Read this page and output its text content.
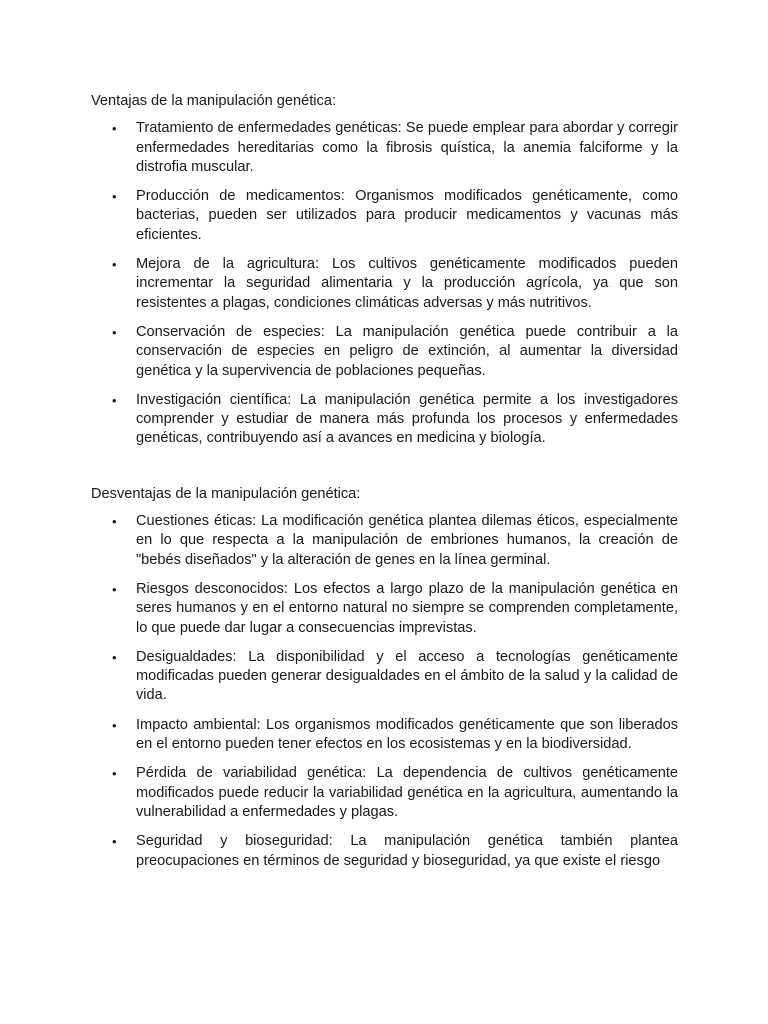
Ventajas de la manipulación genética:

• Tratamiento de enfermedades genéticas: Se puede emplear para abordar y corregir enfermedades hereditarias como la fibrosis quística, la anemia falciforme y la distrofia muscular.
• Producción de medicamentos: Organismos modificados genéticamente, como bacterias, pueden ser utilizados para producir medicamentos y vacunas más eficientes.
• Mejora de la agricultura: Los cultivos genéticamente modificados pueden incrementar la seguridad alimentaria y la producción agrícola, ya que son resistentes a plagas, condiciones climáticas adversas y más nutritivos.
• Conservación de especies: La manipulación genética puede contribuir a la conservación de especies en peligro de extinción, al aumentar la diversidad genética y la supervivencia de poblaciones pequeñas.
• Investigación científica: La manipulación genética permite a los investigadores comprender y estudiar de manera más profunda los procesos y enfermedades genéticas, contribuyendo así a avances en medicina y biología.

Desventajas de la manipulación genética:

• Cuestiones éticas: La modificación genética plantea dilemas éticos, especialmente en lo que respecta a la manipulación de embriones humanos, la creación de "bebés diseñados" y la alteración de genes en la línea germinal.
• Riesgos desconocidos: Los efectos a largo plazo de la manipulación genética en seres humanos y en el entorno natural no siempre se comprenden completamente, lo que puede dar lugar a consecuencias imprevistas.
• Desigualdades: La disponibilidad y el acceso a tecnologías genéticamente modificadas pueden generar desigualdades en el ámbito de la salud y la calidad de vida.
• Impacto ambiental: Los organismos modificados genéticamente que son liberados en el entorno pueden tener efectos en los ecosistemas y en la biodiversidad.
• Pérdida de variabilidad genética: La dependencia de cultivos genéticamente modificados puede reducir la variabilidad genética en la agricultura, aumentando la vulnerabilidad a enfermedades y plagas.
• Seguridad y bioseguridad: La manipulación genética también plantea preocupaciones en términos de seguridad y bioseguridad, ya que existe el riesgo
